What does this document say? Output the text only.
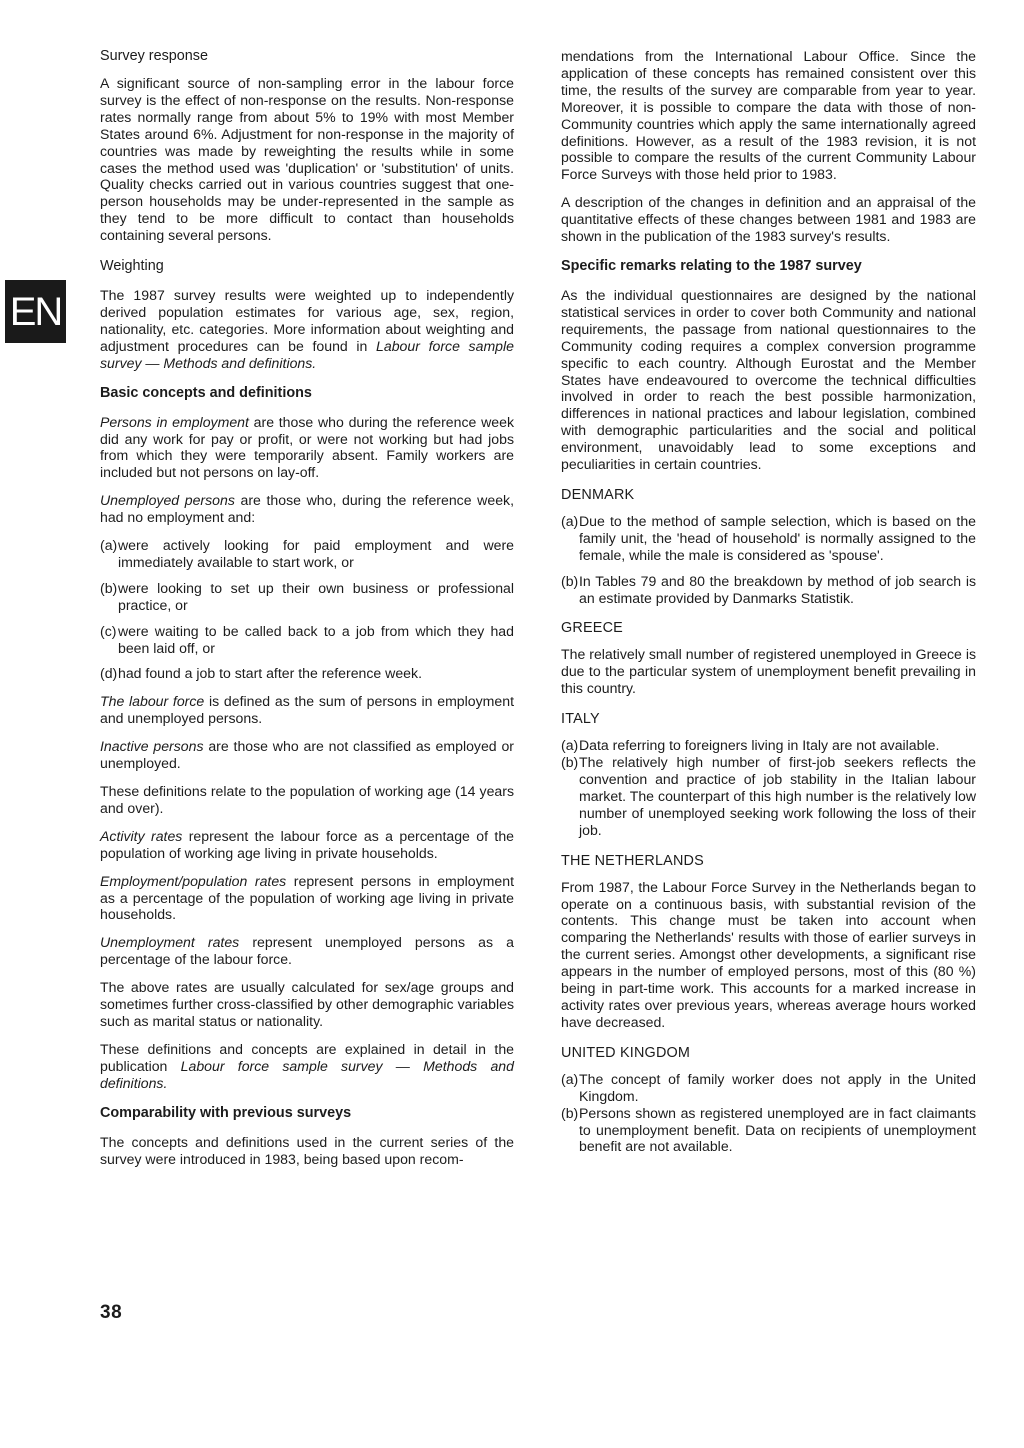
EN
Survey response

A significant source of non-sampling error in the labour force survey is the effect of non-response on the results. Non-response rates normally range from about 5% to 19% with most Member States around 6%. Adjustment for non-response in the majority of countries was made by reweighting the results while in some cases the method used was 'duplication' or 'substitution' of units. Quality checks carried out in various countries suggest that one-person households may be under-represented in the sample as they tend to be more difficult to contact than households containing several persons.

Weighting

The 1987 survey results were weighted up to independently derived population estimates for various age, sex, region, nationality, etc. categories. More information about weighting and adjustment procedures can be found in Labour force sample survey — Methods and definitions.

Basic concepts and definitions

Persons in employment are those who during the reference week did any work for pay or profit, or were not working but had jobs from which they were temporarily absent. Family workers are included but not persons on lay-off.

Unemployed persons are those who, during the reference week, had no employment and:

(a) were actively looking for paid employment and were immediately available to start work, or
(b) were looking to set up their own business or professional practice, or
(c) were waiting to be called back to a job from which they had been laid off, or
(d) had found a job to start after the reference week.

The labour force is defined as the sum of persons in employment and unemployed persons.

Inactive persons are those who are not classified as employed or unemployed.

These definitions relate to the population of working age (14 years and over).

Activity rates represent the labour force as a percentage of the population of working age living in private households.

Employment/population rates represent persons in employment as a percentage of the population of working age living in private households.

Unemployment rates represent unemployed persons as a percentage of the labour force.

The above rates are usually calculated for sex/age groups and sometimes further cross-classified by other demographic variables such as marital status or nationality.

These definitions and concepts are explained in detail in the publication Labour force sample survey — Methods and definitions.

Comparability with previous surveys

The concepts and definitions used in the current series of the survey were introduced in 1983, being based upon recom-

mendations from the International Labour Office. Since the application of these concepts has remained consistent over this time, the results of the survey are comparable from year to year. Moreover, it is possible to compare the data with those of non-Community countries which apply the same internationally agreed definitions. However, as a result of the 1983 revision, it is not possible to compare the results of the current Community Labour Force Surveys with those held prior to 1983.

A description of the changes in definition and an appraisal of the quantitative effects of these changes between 1981 and 1983 are shown in the publication of the 1983 survey's results.

Specific remarks relating to the 1987 survey

As the individual questionnaires are designed by the national statistical services in order to cover both Community and national requirements, the passage from national questionnaires to the Community coding requires a complex conversion programme specific to each country. Although Eurostat and the Member States have endeavoured to overcome the technical difficulties involved in order to reach the best possible harmonization, differences in national practices and labour legislation, combined with demographic particularities and the social and political environment, unavoidably lead to some exceptions and peculiarities in certain countries.

DENMARK
(a) Due to the method of sample selection, which is based on the family unit, the 'head of household' is normally assigned to the female, while the male is considered as 'spouse'.
(b) In Tables 79 and 80 the breakdown by method of job search is an estimate provided by Danmarks Statistik.
GREECE

The relatively small number of registered unemployed in Greece is due to the particular system of unemployment benefit prevailing in this country.

ITALY
(a) Data referring to foreigners living in Italy are not available.
(b) The relatively high number of first-job seekers reflects the convention and practice of job stability in the Italian labour market. The counterpart of this high number is the relatively low number of unemployed seeking work following the loss of their job.
THE NETHERLANDS

From 1987, the Labour Force Survey in the Netherlands began to operate on a continuous basis, with substantial revision of the contents. This change must be taken into account when comparing the Netherlands' results with those of earlier surveys in the current series. Amongst other developments, a significant rise appears in the number of employed persons, most of this (80 %) being in part-time work. This accounts for a marked increase in activity rates over previous years, whereas average hours worked have decreased.

UNITED KINGDOM
(a) The concept of family worker does not apply in the United Kingdom.
(b) Persons shown as registered unemployed are in fact claimants to unemployment benefit. Data on recipients of unemployment benefit are not available.
38
